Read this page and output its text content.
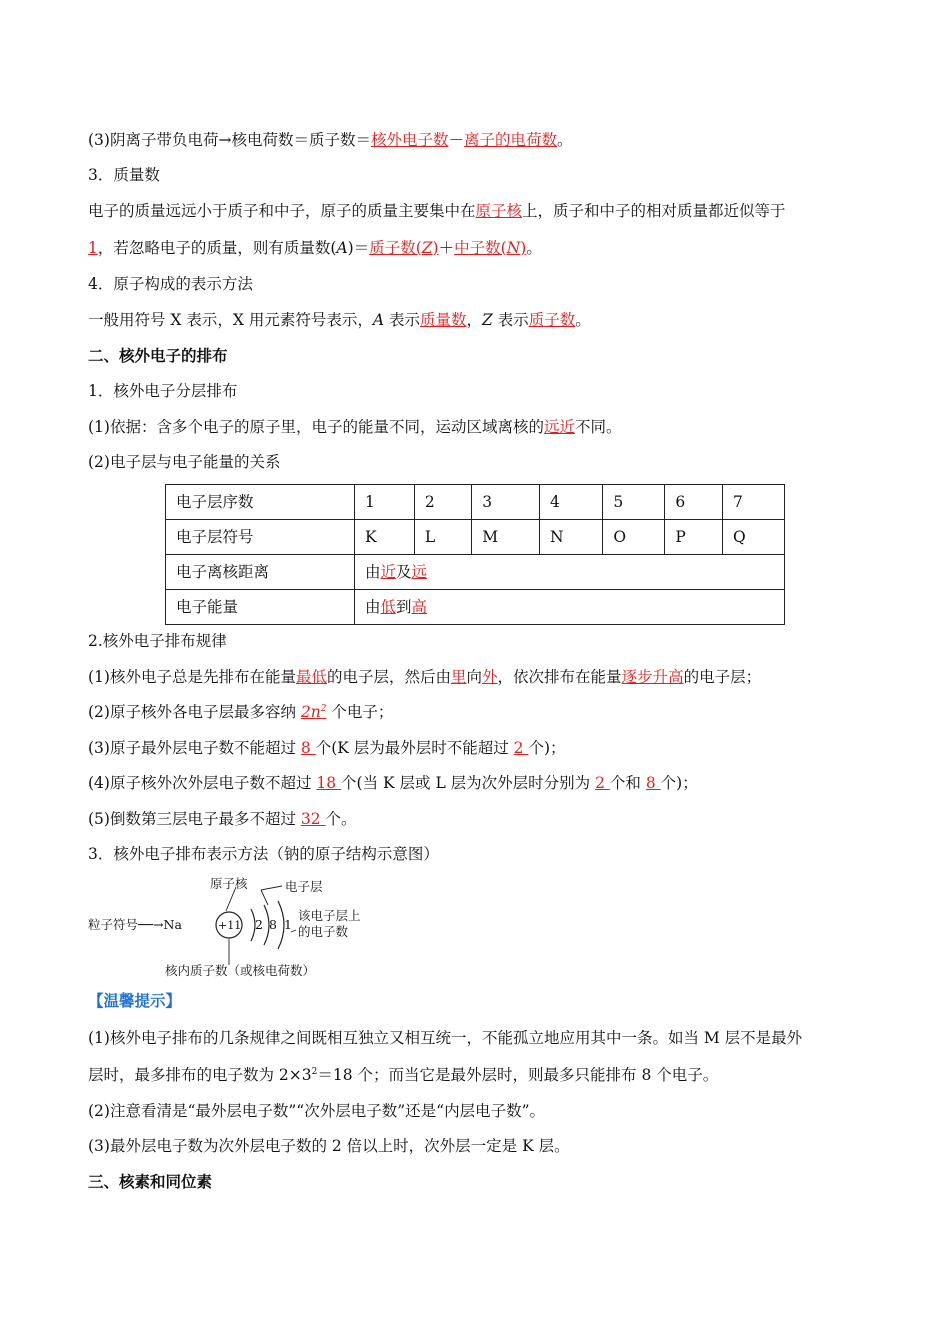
(3)阴离子带负电荷→核电荷数＝质子数＝核外电子数－离子的电荷数。
3．质量数
电子的质量远远小于质子和中子，原子的质量主要集中在原子核上，质子和中子的相对质量都近似等于
1，若忽略电子的质量，则有质量数(A)＝质子数(Z)＋中子数(N)。
4．原子构成的表示方法
一般用符号 X 表示，X 用元素符号表示，A 表示质量数，Z 表示质子数。
二、核外电子的排布
1．核外电子分层排布
(1)依据：含多个电子的原子里，电子的能量不同，运动区域离核的远近不同。
(2)电子层与电子能量的关系
电子层序数	1	2	3	4	5	6	7
电子层符号	K	L	M	N	O	P	Q
电子离核距离	由近及远						
电子能量	由低到高						
2.核外电子排布规律
(1)核外电子总是先排布在能量最低的电子层，然后由里向外，依次排布在能量逐步升高的电子层；
(2)原子核外各电子层最多容纳 $2n^2$ 个电子；
(3)原子最外层电子数不能超过 8 个(K 层为最外层时不能超过 2 个)；
(4)原子核外次外层电子数不超过 18 个(当 K 层或 L 层为次外层时分别为 2 个和 8 个)；
(5)倒数第三层电子最多不超过 32 个。
3．核外电子排布表示方法（钠的原子结构示意图）
原子核	电子层
粒子符号──→Na	+11 2 8 1
该电子层上
的电子数
核内质子数（或核电荷数）
【温馨提示】
(1)核外电子排布的几条规律之间既相互独立又相互统一，不能孤立地应用其中一条。如当 M 层不是最外
层时，最多排布的电子数为 $2\times 3^2=18$ 个；而当它是最外层时，则最多只能排布 8 个电子。
(2)注意看清是“最外层电子数”“次外层电子数”还是“内层电子数”。
(3)最外层电子数为次外层电子数的 2 倍以上时，次外层一定是 K 层。
三、核素和同位素
